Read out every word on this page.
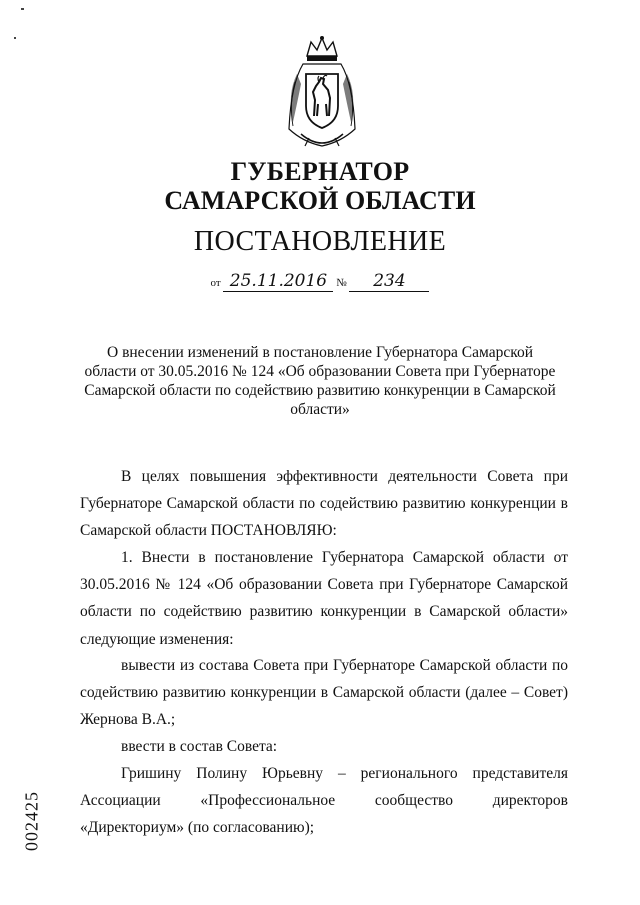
ГУБЕРНАТОР
САМАРСКОЙ ОБЛАСТИ
ПОСТАНОВЛЕНИЕ
от 25.11.2016 № 234
О внесении изменений в постановление Губернатора Самарской области от 30.05.2016 № 124 «Об образовании Совета при Губернаторе Самарской области по содействию развитию конкуренции в Самарской области»
В целях повышения эффективности деятельности Совета при Губернаторе Самарской области по содействию развитию конкуренции в Самарской области ПОСТАНОВЛЯЮ:
1. Внести в постановление Губернатора Самарской области от 30.05.2016 № 124 «Об образовании Совета при Губернаторе Самарской области по содействию развитию конкуренции в Самарской области» следующие изменения:
вывести из состава Совета при Губернаторе Самарской области по содействию развитию конкуренции в Самарской области (далее – Совет) Жернова В.А.;
ввести в состав Совета:
Гришину Полину Юрьевну – регионального представителя Ассоциации «Профессиональное сообщество директоров «Директориум» (по согласованию);
002425
